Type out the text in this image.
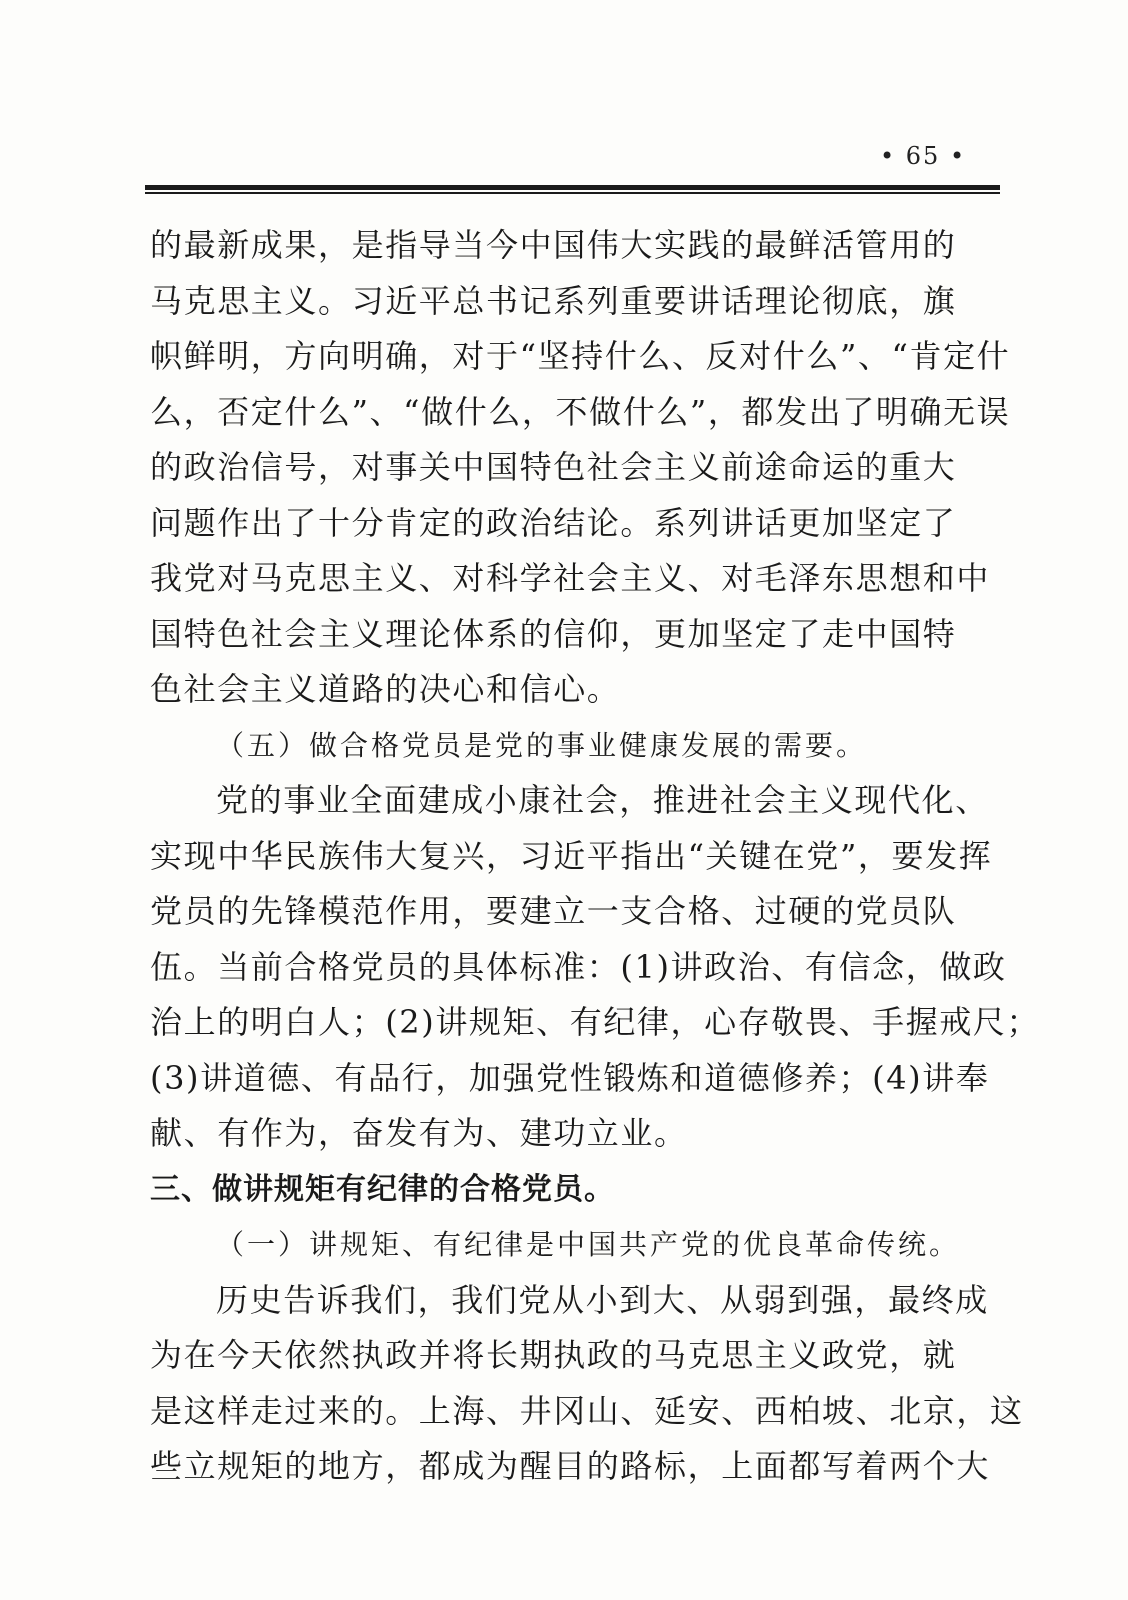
• 65 •
的最新成果，是指导当今中国伟大实践的最鲜活管用的
马克思主义。习近平总书记系列重要讲话理论彻底，旗
帜鲜明，方向明确，对于“坚持什么、反对什么”、“肯定什
么，否定什么”、“做什么，不做什么”，都发出了明确无误
的政治信号，对事关中国特色社会主义前途命运的重大
问题作出了十分肯定的政治结论。系列讲话更加坚定了
我党对马克思主义、对科学社会主义、对毛泽东思想和中
国特色社会主义理论体系的信仰，更加坚定了走中国特
色社会主义道路的决心和信心。
（五）做合格党员是党的事业健康发展的需要。
党的事业全面建成小康社会，推进社会主义现代化、
实现中华民族伟大复兴，习近平指出“关键在党”，要发挥
党员的先锋模范作用，要建立一支合格、过硬的党员队
伍。当前合格党员的具体标准：(1)讲政治、有信念，做政
治上的明白人；(2)讲规矩、有纪律，心存敬畏、手握戒尺；
(3)讲道德、有品行，加强党性锻炼和道德修养；(4)讲奉
献、有作为，奋发有为、建功立业。
三、做讲规矩有纪律的合格党员。
（一）讲规矩、有纪律是中国共产党的优良革命传统。
历史告诉我们，我们党从小到大、从弱到强，最终成
为在今天依然执政并将长期执政的马克思主义政党，就
是这样走过来的。上海、井冈山、延安、西柏坡、北京，这
些立规矩的地方，都成为醒目的路标，上面都写着两个大
